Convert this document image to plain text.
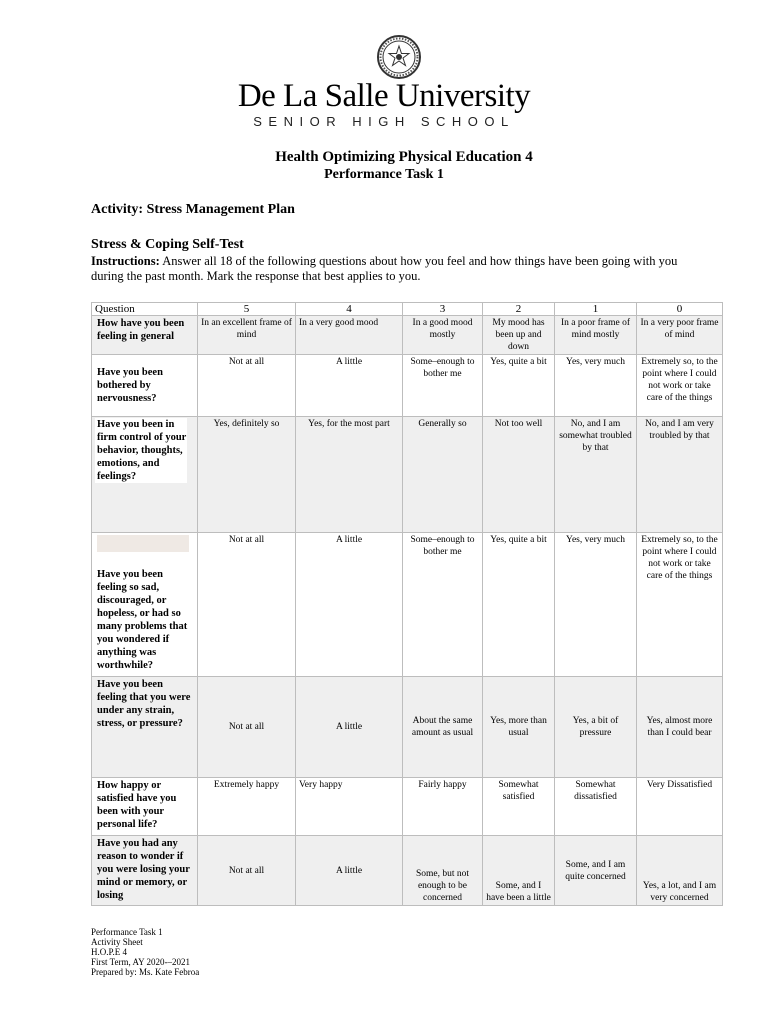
De La Salle University
SENIOR HIGH SCHOOL
Health Optimizing Physical Education 4
Performance Task 1
Activity: Stress Management Plan
Stress & Coping Self-Test
Instructions: Answer all 18 of the following questions about how you feel and how things have been going with you during the past month. Mark the response that best applies to you.
Question	5	4	3	2	1	0
How have you been feeling in general	In an excellent frame of mind	In a very good mood	In a good mood mostly	My mood has been up and down	In a poor frame of mind mostly	In a very poor frame of mind
Have you been bothered by nervousness?	Not at all	A little	Some–enough to bother me	Yes, quite a bit	Yes, very much	Extremely so, to the point where I could not work or take care of the things

Have you been in firm control of your behavior, thoughts, emotions, and feelings?	Yes, definitely so	Yes, for the most part	Generally so	Not too well	No, and I am somewhat troubled by that	No, and I am very troubled by that

Have you been feeling so sad, discouraged, or hopeless, or had so many problems that you wondered if anything was worthwhile?	Not at all	A little	Some–enough to bother me	Yes, quite a bit	Yes, very much	Extremely so, to the point where I could not work or take care of the things
Have you been feeling that you were under any strain, stress, or pressure?	Not at all	A little	About the same amount as usual	Yes, more than usual	Yes, a bit of pressure	Yes, almost more than I could bear
How happy or satisfied have you been with your personal life?	Extremely happy	Very happy	Fairly happy	Somewhat satisfied	Somewhat dissatisfied	Very Dissatisfied
Have you had any reason to wonder if you were losing your mind or memory, or losing	Not at all	A little	Some, but not enough to be concerned	Some, and I have been a little	Some, and I am quite concerned	Yes, a lot, and I am very concerned
Performance Task 1
Activity Sheet
H.O.P.E 4
First Term, AY 2020-–2021
Prepared by: Ms. Kate Febroa
